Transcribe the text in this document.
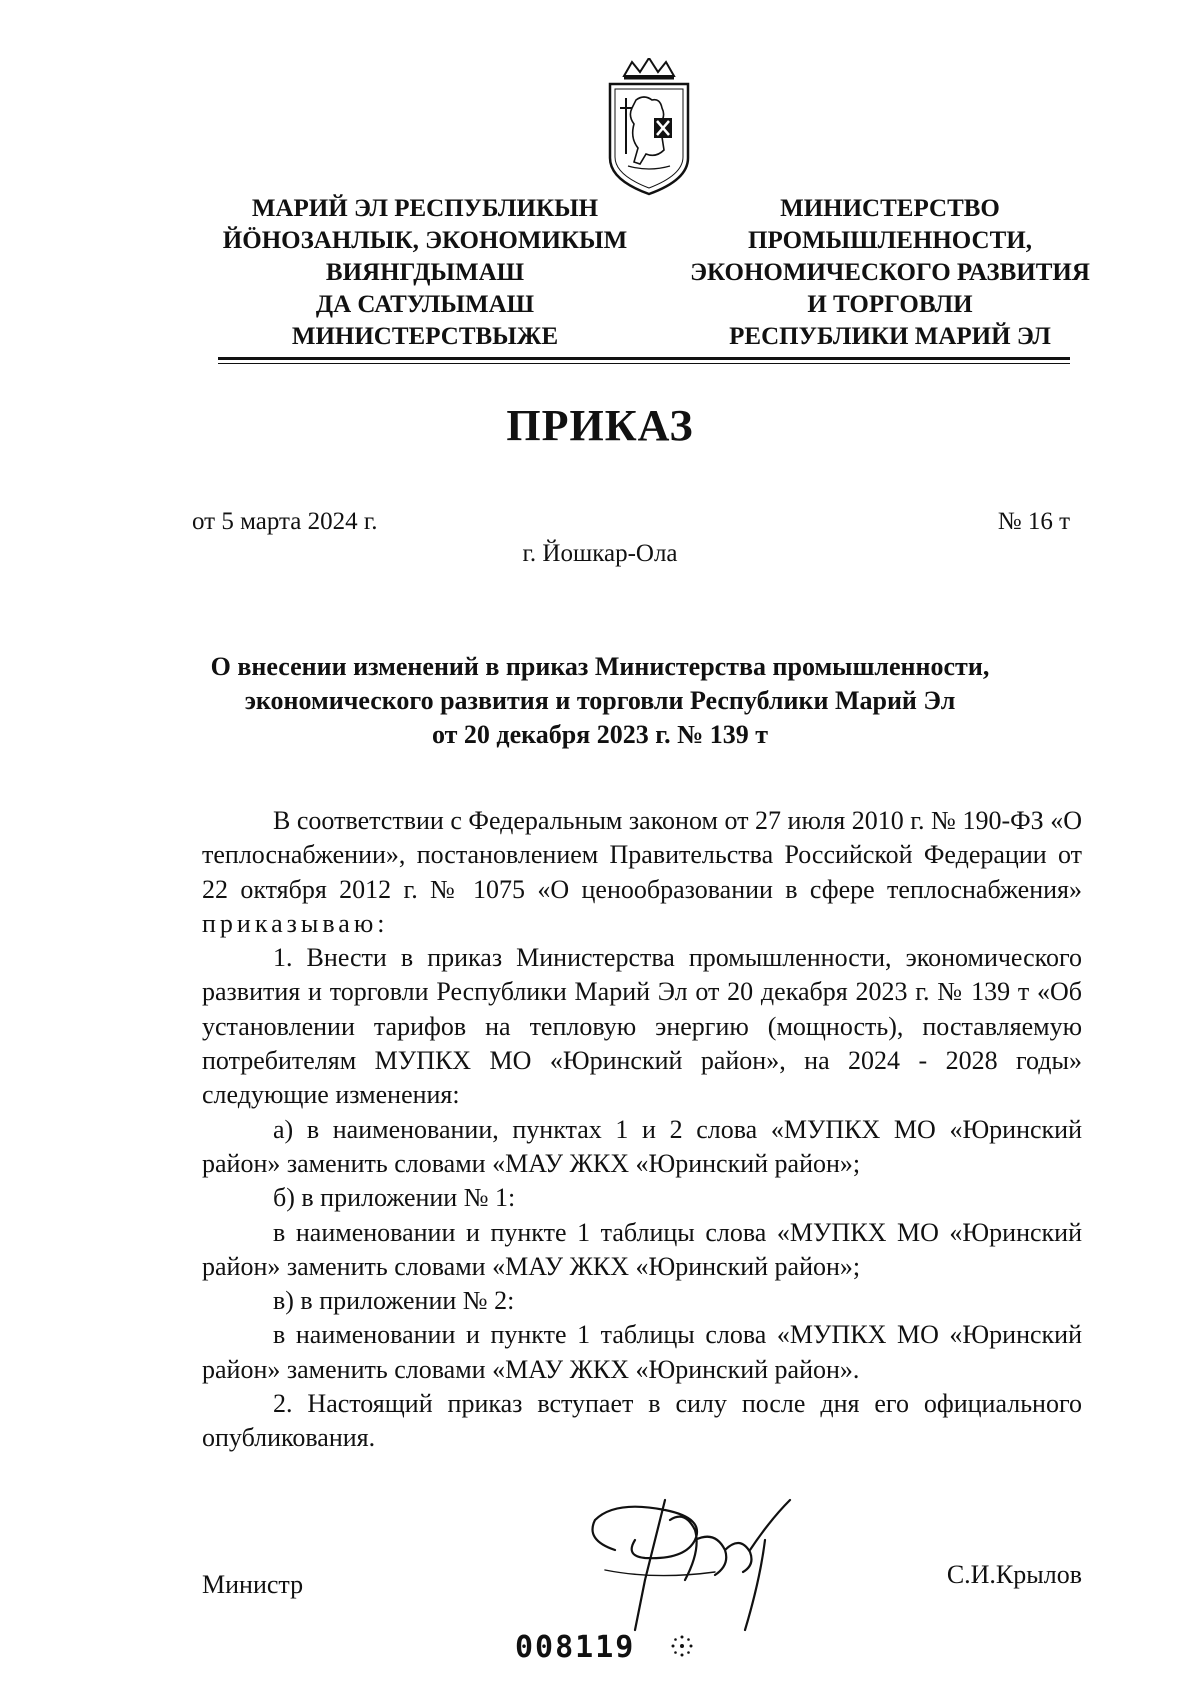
МАРИЙ ЭЛ РЕСПУБЛИКЫН
ЙӦНОЗАНЛЫК, ЭКОНОМИКЫМ
ВИЯНГДЫМАШ
ДА САТУЛЫМАШ
МИНИСТЕРСТВЫЖЕ
МИНИСТЕРСТВО
ПРОМЫШЛЕННОСТИ,
ЭКОНОМИЧЕСКОГО РАЗВИТИЯ
И ТОРГОВЛИ
РЕСПУБЛИКИ МАРИЙ ЭЛ
ПРИКАЗ
от 5 марта 2024 г.	№ 16 т
г. Йошкар-Ола
О внесении изменений в приказ Министерства промышленности,
экономического развития и торговли Республики Марий Эл
от 20 декабря 2023 г. № 139 т

В соответствии с Федеральным законом от 27 июля 2010 г. № 190-ФЗ «О теплоснабжении», постановлением Правительства Российской Федерации от 22 октября 2012 г. № 1075 «О ценообразовании в сфере теплоснабжения» приказываю:

1. Внести в приказ Министерства промышленности, экономического развития и торговли Республики Марий Эл от 20 декабря 2023 г. № 139 т «Об установлении тарифов на тепловую энергию (мощность), поставляемую потребителям МУПКХ МО «Юринский район», на 2024 - 2028 годы» следующие изменения:

а) в наименовании, пунктах 1 и 2 слова «МУПКХ МО «Юринский район» заменить словами «МАУ ЖКХ «Юринский район»;

б) в приложении № 1:

в наименовании и пункте 1 таблицы слова «МУПКХ МО «Юринский район» заменить словами «МАУ ЖКХ «Юринский район»;

в) в приложении № 2:

в наименовании и пункте 1 таблицы слова «МУПКХ МО «Юринский район» заменить словами «МАУ ЖКХ «Юринский район».

2. Настоящий приказ вступает в силу после дня его официального опубликования.

Министр	С.И.Крылов
008119
